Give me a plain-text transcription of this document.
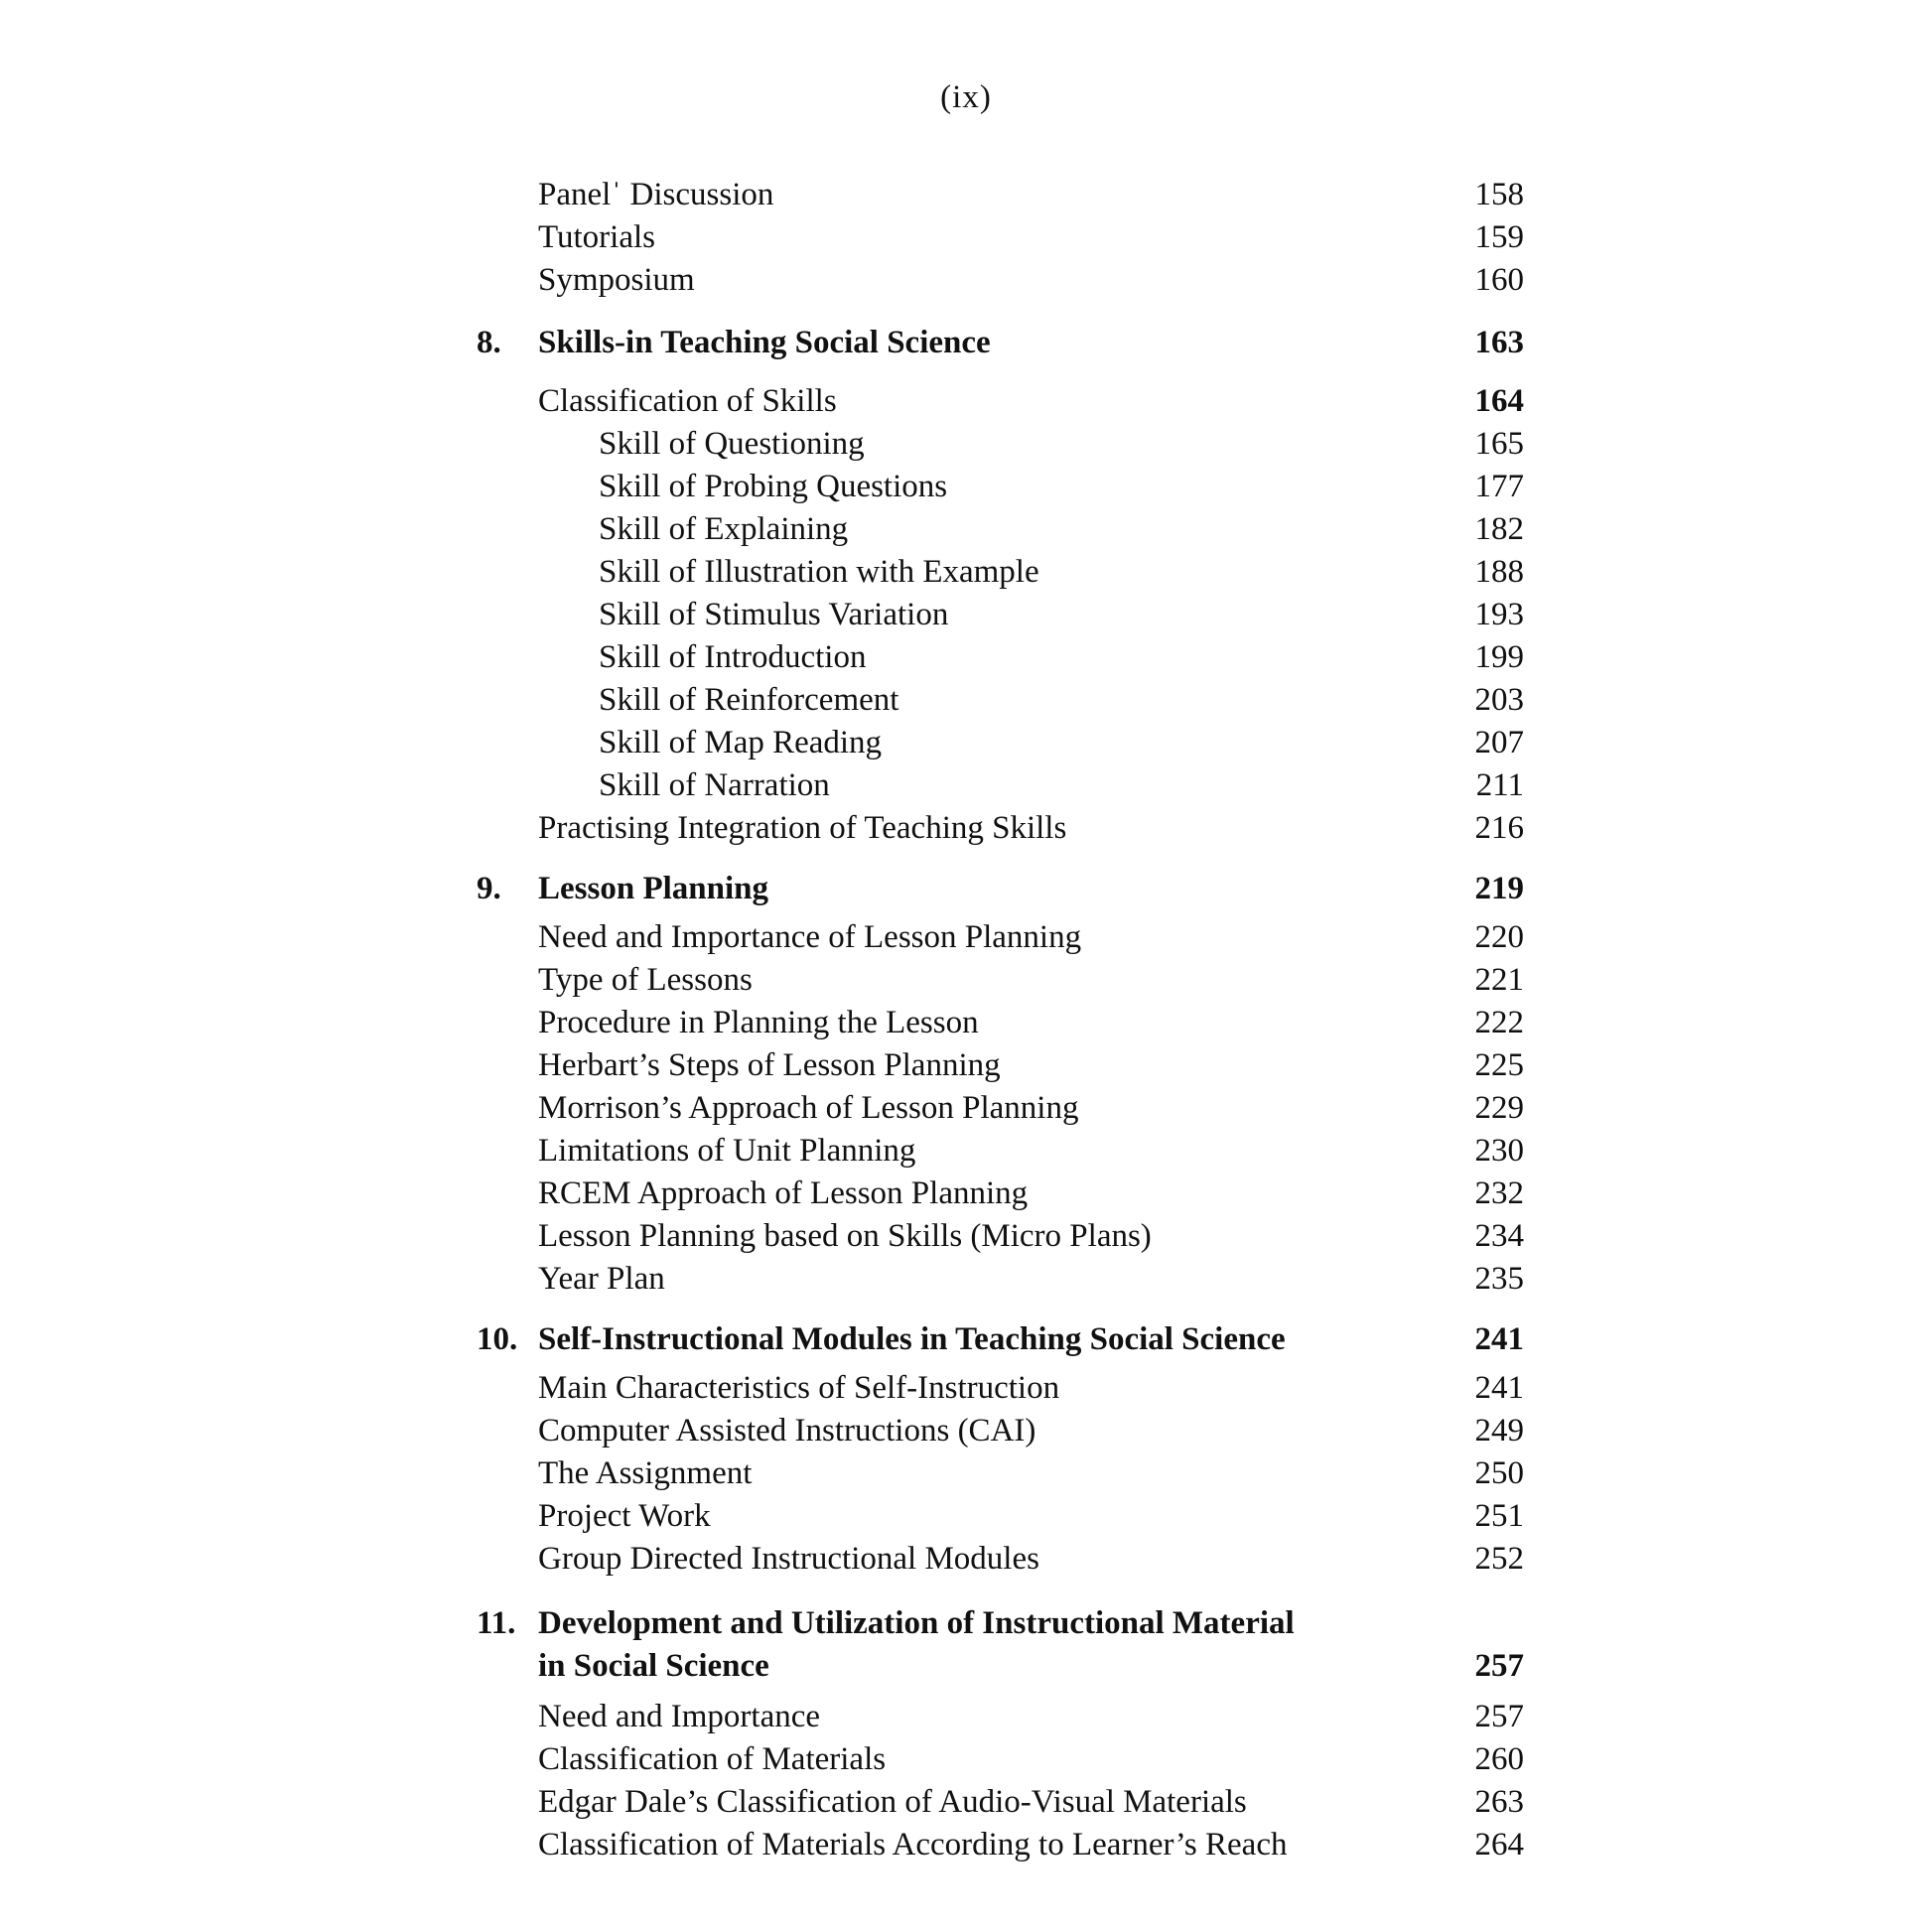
(ix)
Panelˈ Discussion	158
Tutorials	159
Symposium	160
8.	Skills-in Teaching Social Science	163
Classification of Skills	164
Skill of Questioning	165
Skill of Probing Questions	177
Skill of Explaining	182
Skill of Illustration with Example	188
Skill of Stimulus Variation	193
Skill of Introduction	199
Skill of Reinforcement	203
Skill of Map Reading	207
Skill of Narration	211
Practising Integration of Teaching Skills	216
9.	Lesson Planning	219
Need and Importance of Lesson Planning	220
Type of Lessons	221
Procedure in Planning the Lesson	222
Herbart’s Steps of Lesson Planning	225
Morrison’s Approach of Lesson Planning	229
Limitations of Unit Planning	230
RCEM Approach of Lesson Planning	232
Lesson Planning based on Skills (Micro Plans)	234
Year Plan	235
10. Self-Instructional Modules in Teaching Social Science	241
Main Characteristics of Self-Instruction	241
Computer Assisted Instructions (CAI)	249
The Assignment	250
Project Work	251
Group Directed Instructional Modules	252
11. Development and Utilization of Instructional Material
in Social Science	257
Need and Importance	257
Classification of Materials	260
Edgar Dale’s Classification of Audio-Visual Materials	263
Classification of Materials According to Learner’s Reach	264
